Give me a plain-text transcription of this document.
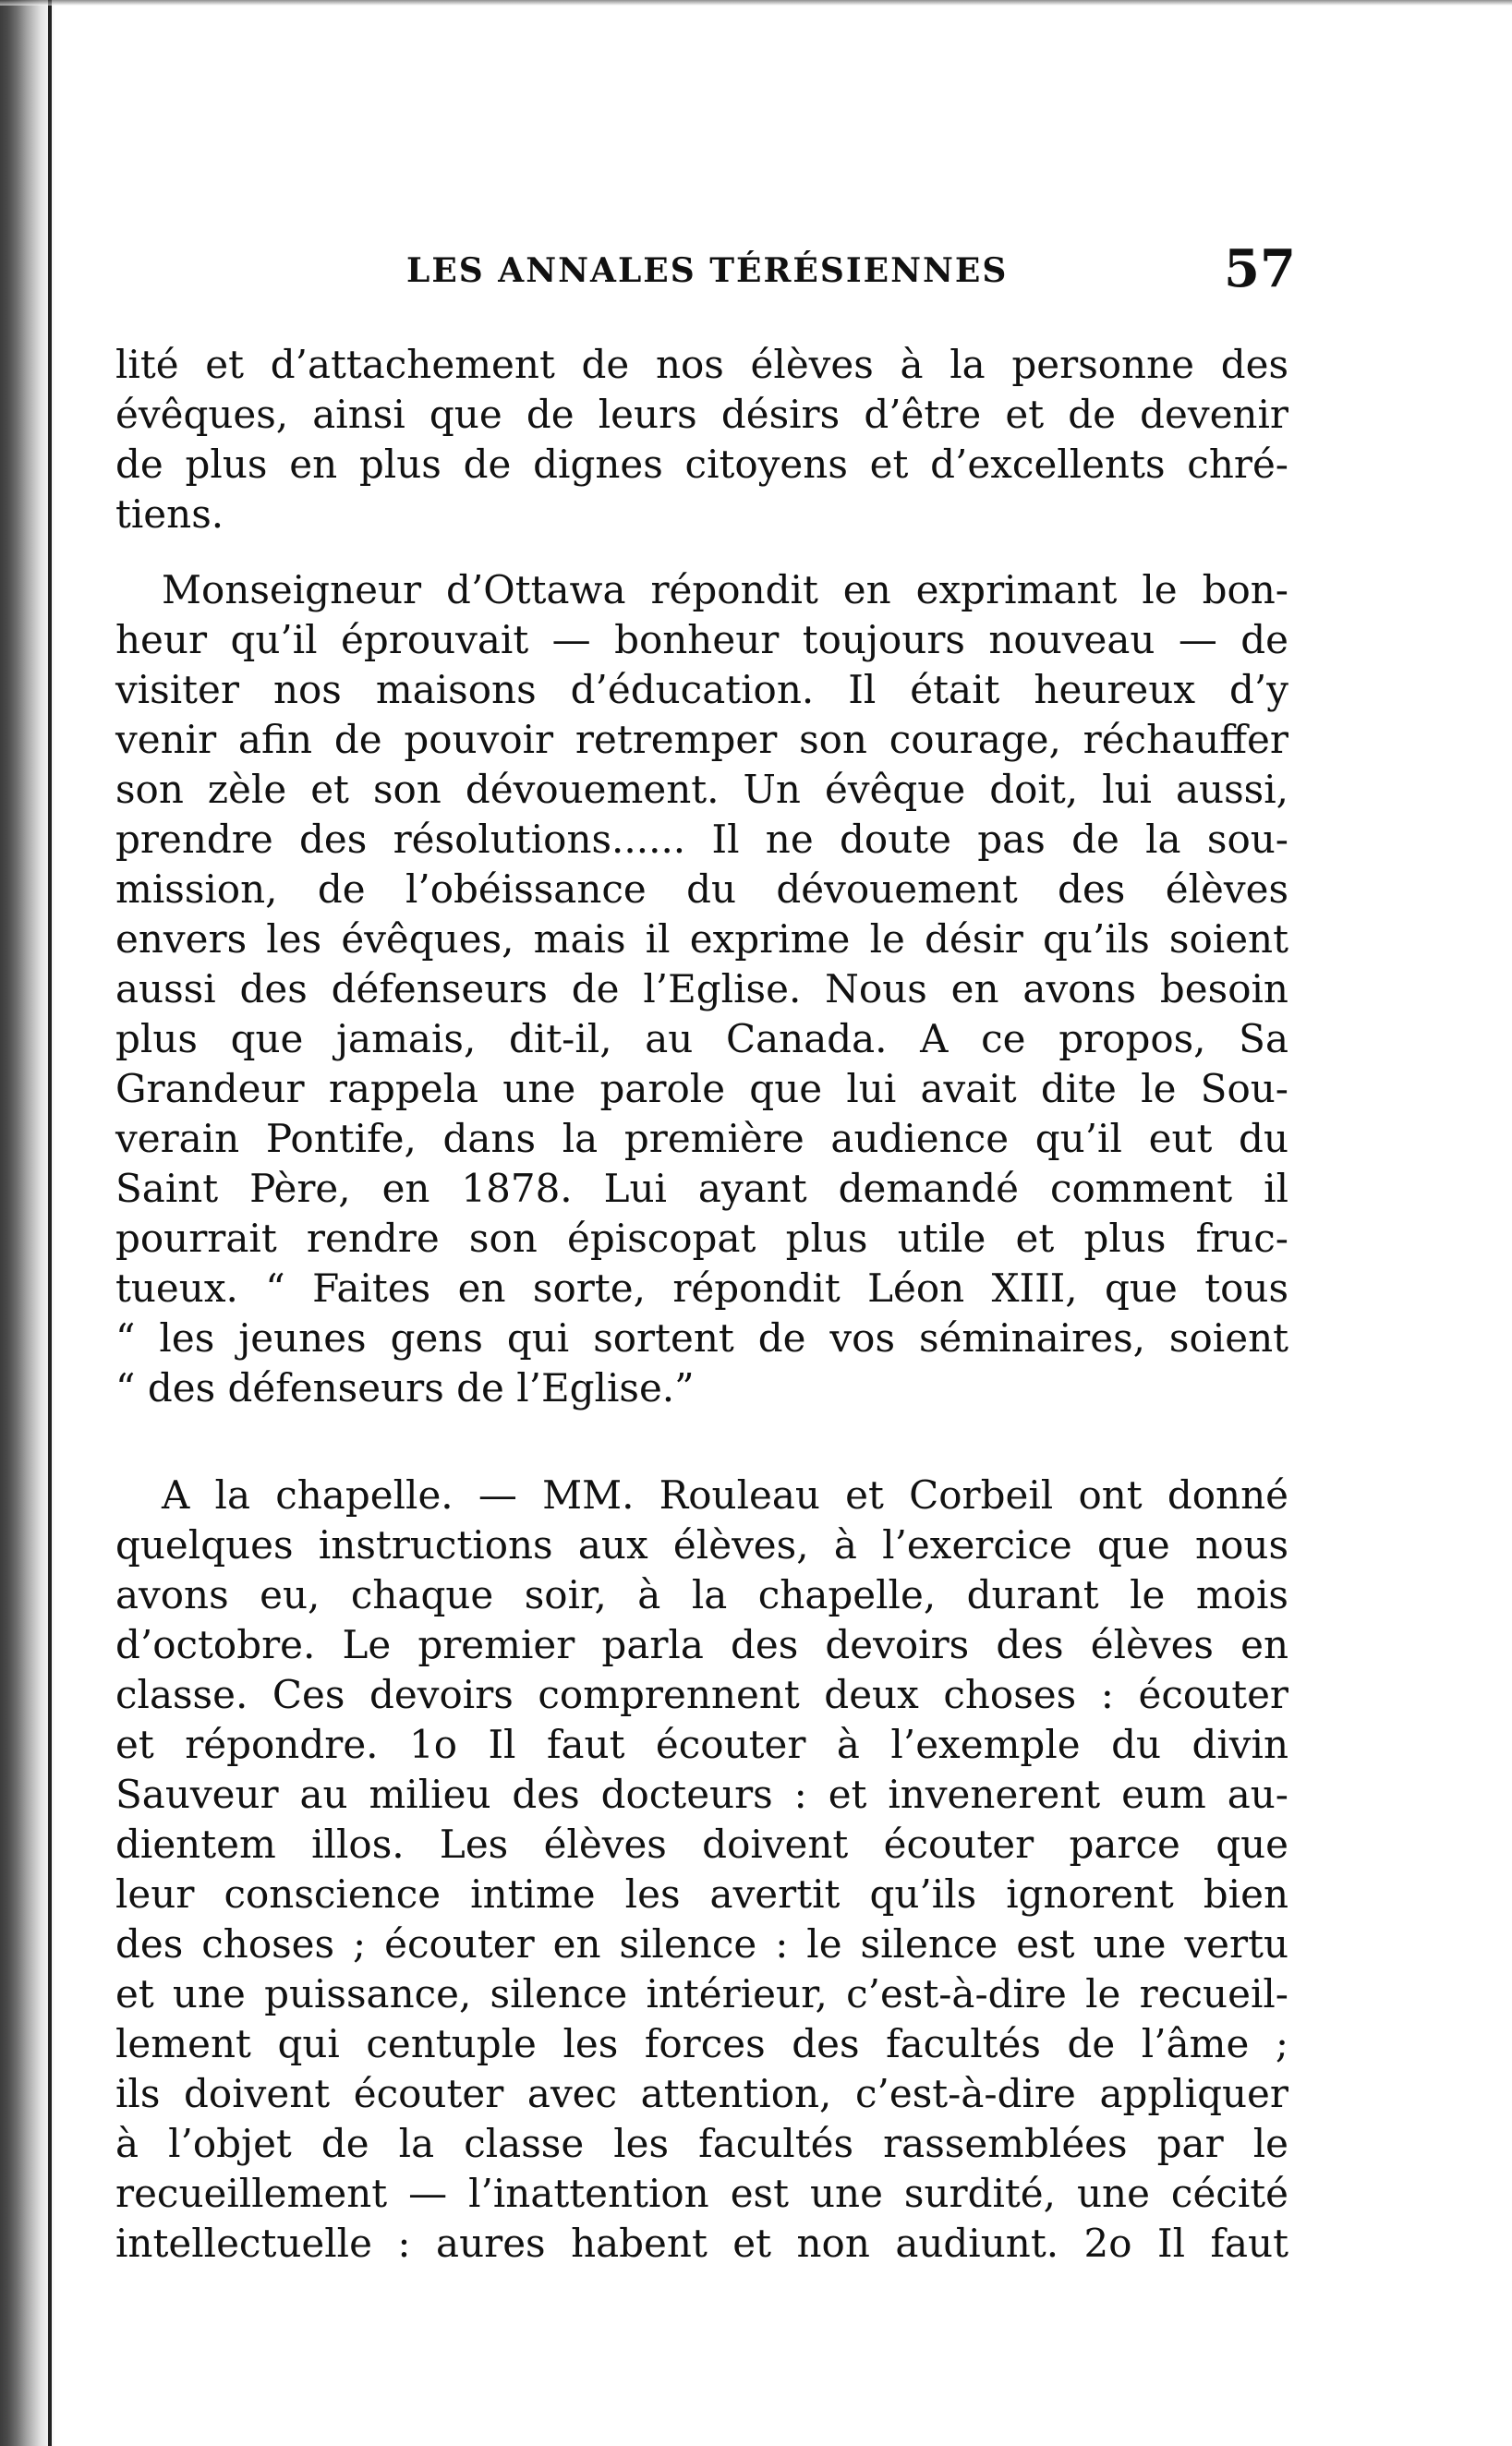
LES ANNALES TÉRÉSIENNES	57
lité et d’attachement de nos élèves à la personne des
évêques, ainsi que de leurs désirs d’être et de devenir
de plus en plus de dignes citoyens et d’excellents chré-
tiens.
Monseigneur d’Ottawa répondit en exprimant le bon-
heur qu’il éprouvait — bonheur toujours nouveau — de
visiter nos maisons d’éducation. Il était heureux d’y
venir afin de pouvoir retremper son courage, réchauffer
son zèle et son dévouement. Un évêque doit, lui aussi,
prendre des résolutions...... Il ne doute pas de la sou-
mission, de l’obéissance du dévouement des élèves
envers les évêques, mais il exprime le désir qu’ils soient
aussi des défenseurs de l’Eglise. Nous en avons besoin
plus que jamais, dit-il, au Canada. A ce propos, Sa
Grandeur rappela une parole que lui avait dite le Sou-
verain Pontife, dans la première audience qu’il eut du
Saint Père, en 1878. Lui ayant demandé comment il
pourrait rendre son épiscopat plus utile et plus fruc-
tueux. “ Faites en sorte, répondit Léon XIII, que tous
“ les jeunes gens qui sortent de vos séminaires, soient
“ des défenseurs de l’Eglise.”
A la chapelle. — MM. Rouleau et Corbeil ont donné
quelques instructions aux élèves, à l’exercice que nous
avons eu, chaque soir, à la chapelle, durant le mois
d’octobre. Le premier parla des devoirs des élèves en
classe. Ces devoirs comprennent deux choses : écouter
et répondre. 1o Il faut écouter à l’exemple du divin
Sauveur au milieu des docteurs : et invenerent eum au-
dientem illos. Les élèves doivent écouter parce que
leur conscience intime les avertit qu’ils ignorent bien
des choses ; écouter en silence : le silence est une vertu
et une puissance, silence intérieur, c’est-à-dire le recueil-
lement qui centuple les forces des facultés de l’âme ;
ils doivent écouter avec attention, c’est-à-dire appliquer
à l’objet de la classe les facultés rassemblées par le
recueillement — l’inattention est une surdité, une cécité
intellectuelle : aures habent et non audiunt. 2o Il faut
